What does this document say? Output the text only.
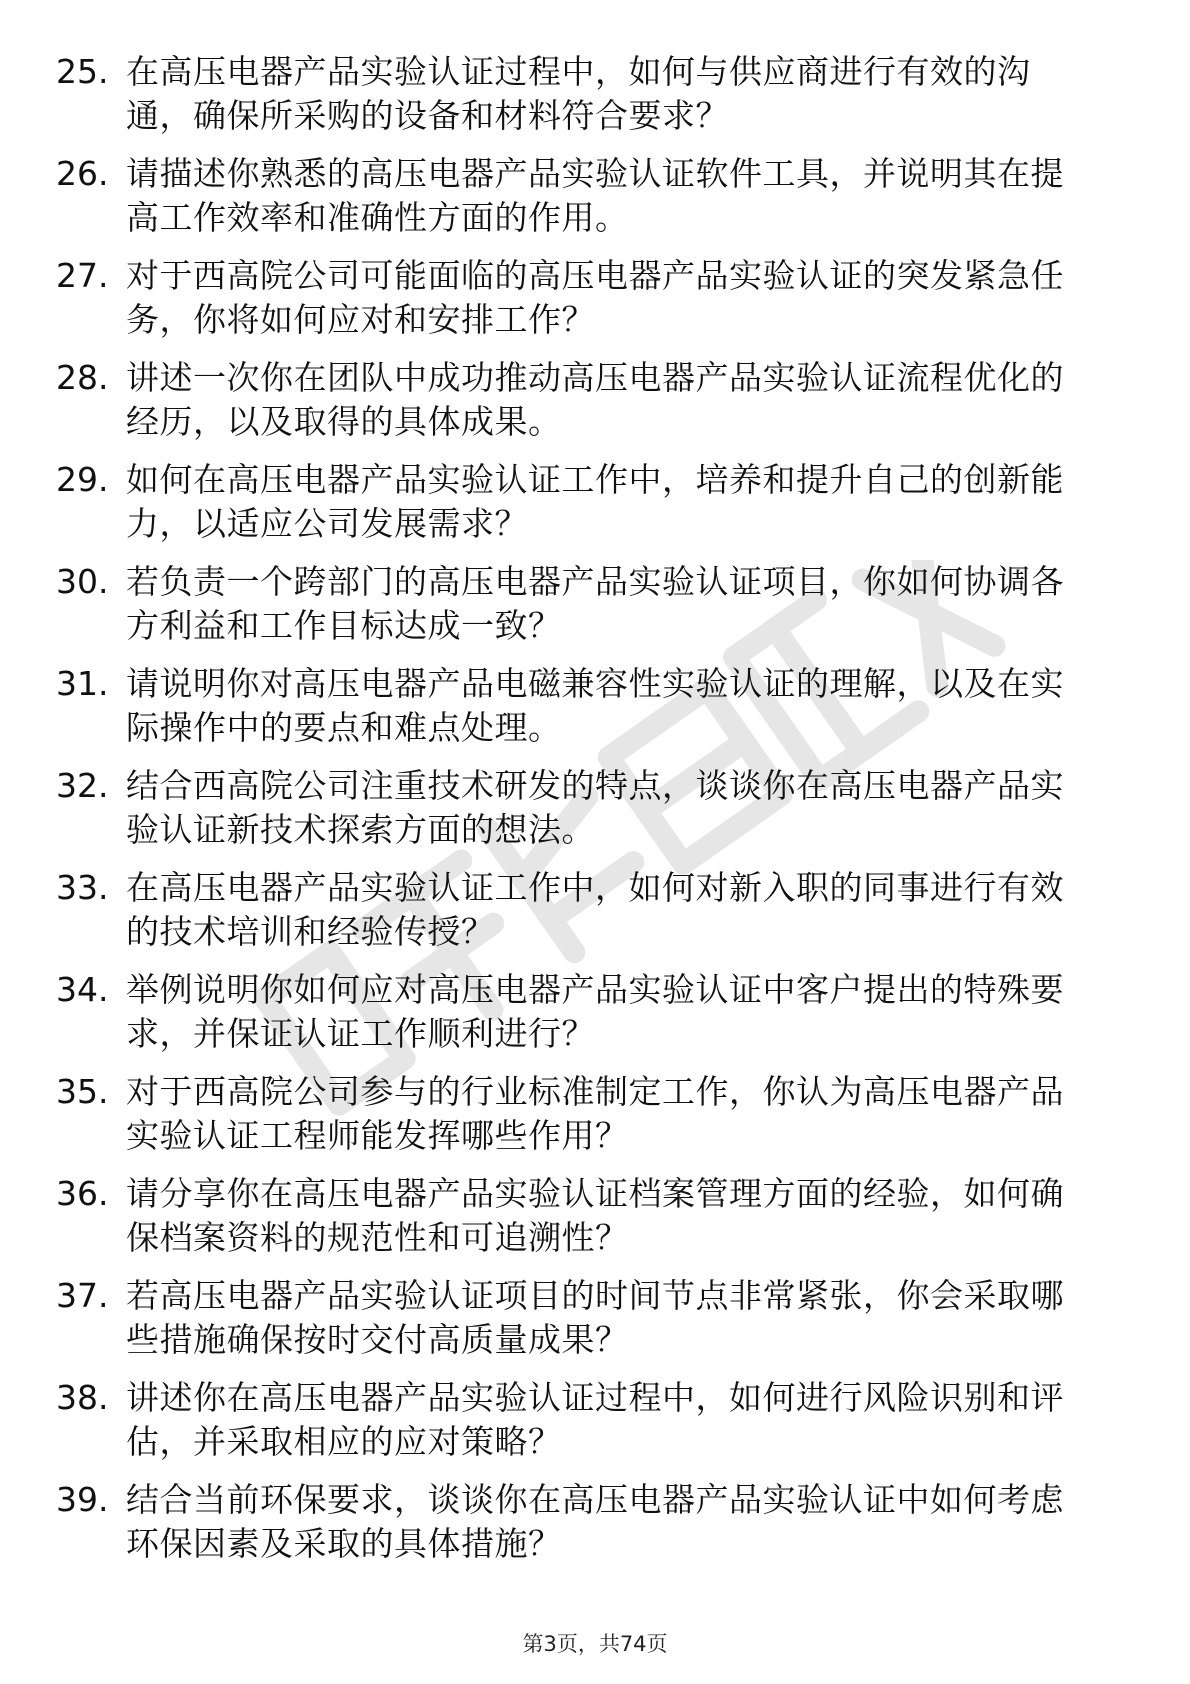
25. 在高压电器产品实验认证过程中，如何与供应商进行有效的沟通，确保所采购的设备和材料符合要求？
26. 请描述你熟悉的高压电器产品实验认证软件工具，并说明其在提高工作效率和准确性方面的作用。
27. 对于西高院公司可能面临的高压电器产品实验认证的突发紧急任务，你将如何应对和安排工作？
28. 讲述一次你在团队中成功推动高压电器产品实验认证流程优化的经历，以及取得的具体成果。
29. 如何在高压电器产品实验认证工作中，培养和提升自己的创新能力，以适应公司发展需求？
30. 若负责一个跨部门的高压电器产品实验认证项目，你如何协调各方利益和工作目标达成一致？
31. 请说明你对高压电器产品电磁兼容性实验认证的理解，以及在实际操作中的要点和难点处理。
32. 结合西高院公司注重技术研发的特点，谈谈你在高压电器产品实验认证新技术探索方面的想法。
33. 在高压电器产品实验认证工作中，如何对新入职的同事进行有效的技术培训和经验传授？
34. 举例说明你如何应对高压电器产品实验认证中客户提出的特殊要求，并保证认证工作顺利进行？
35. 对于西高院公司参与的行业标准制定工作，你认为高压电器产品实验认证工程师能发挥哪些作用？
36. 请分享你在高压电器产品实验认证档案管理方面的经验，如何确保档案资料的规范性和可追溯性？
37. 若高压电器产品实验认证项目的时间节点非常紧张，你会采取哪些措施确保按时交付高质量成果？
38. 讲述你在高压电器产品实验认证过程中，如何进行风险识别和评估，并采取相应的应对策略？
39. 结合当前环保要求，谈谈你在高压电器产品实验认证中如何考虑环保因素及采取的具体措施？
第3页，共74页
